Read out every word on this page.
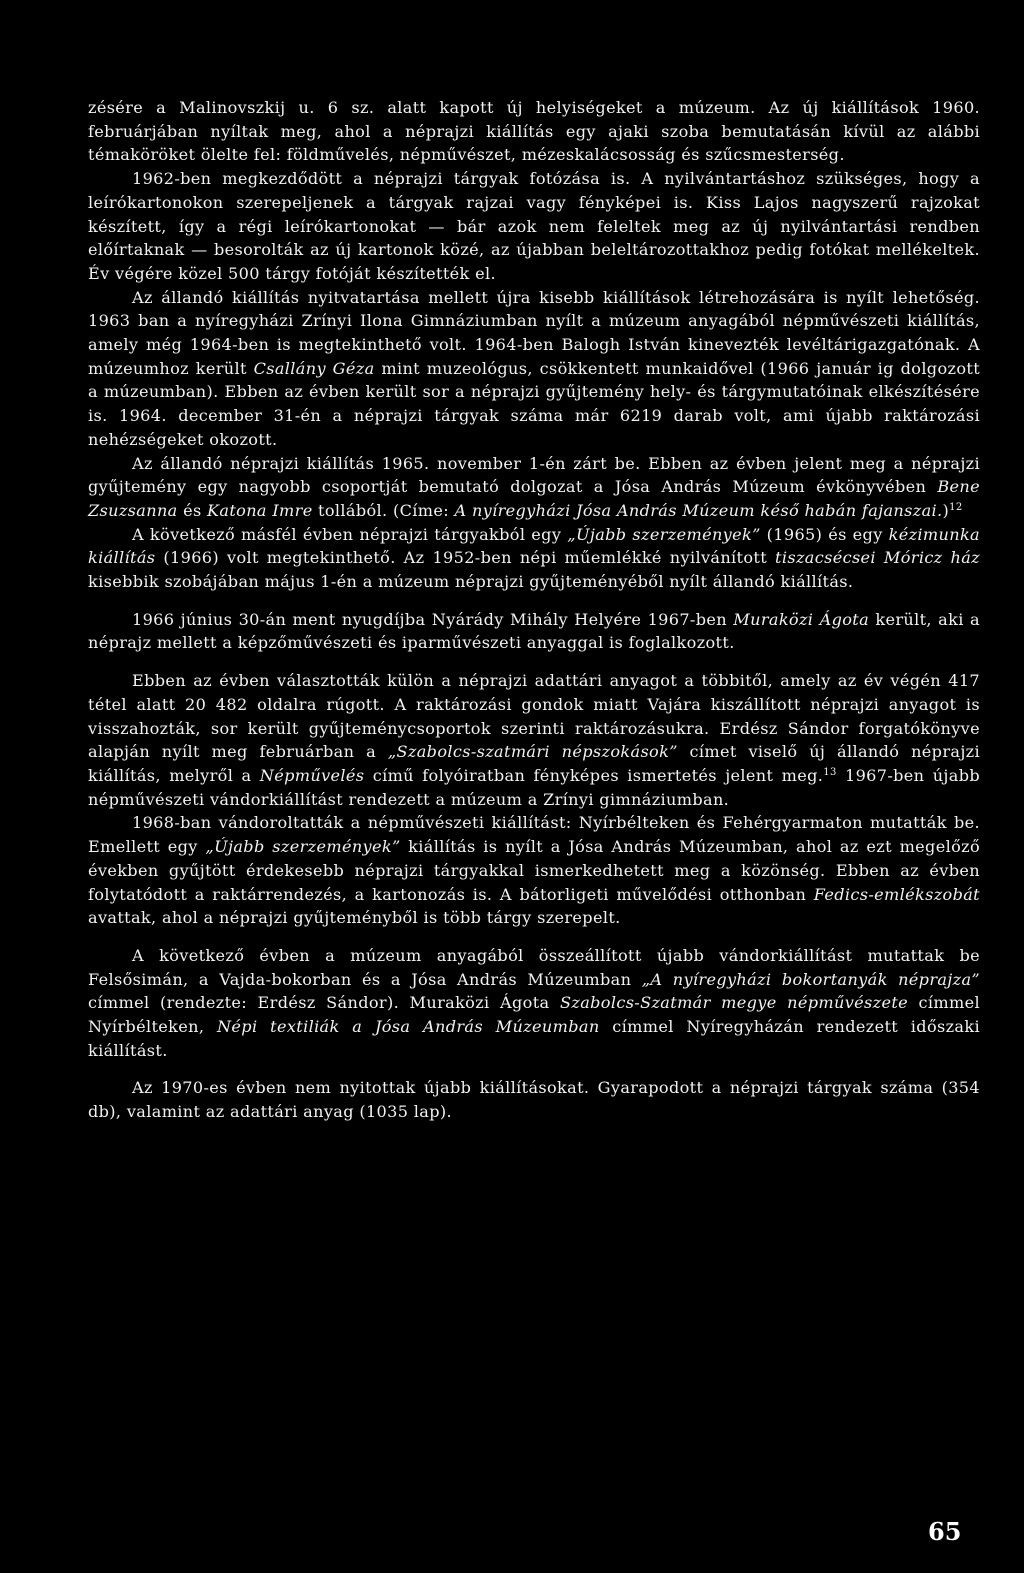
zésére a Malinovszkij u. 6 sz. alatt kapott új helyiségeket a múzeum. Az új kiállítások 1960. februárjában nyíltak meg, ahol a néprajzi kiállítás egy ajaki szoba bemutatásán kívül az alábbi témaköröket ölelte fel: földművelés, népművészet, mézeskalácsosság és szűcsmesterség.

1962-ben megkezdődött a néprajzi tárgyak fotózása is. A nyilvántartáshoz szükséges, hogy a leírókartonokon szerepeljenek a tárgyak rajzai vagy fényképei is. Kiss Lajos nagyszerű rajzokat készített, így a régi leírókartonokat — bár azok nem feleltek meg az új nyilvántartási rendben előírtaknak — besorolták az új kartonok közé, az újabban beleltározottakhoz pedig fotókat mellékeltek. Év végére közel 500 tárgy fotóját készítették el.

Az állandó kiállítás nyitvatartása mellett újra kisebb kiállítások létrehozására is nyílt lehetőség. 1963 ban a nyíregyházi Zrínyi Ilona Gimnáziumban nyílt a múzeum anyagából népművészeti kiállítás, amely még 1964-ben is megtekinthető volt. 1964-ben Balogh István kinevezték levéltárigazgatónak. A múzeumhoz került Csallány Géza mint muzeológus, csökkentett munkaidővel (1966 január ig dolgozott a múzeumban). Ebben az évben került sor a néprajzi gyűjtemény hely- és tárgymutatóinak elkészítésére is. 1964. december 31-én a néprajzi tárgyak száma már 6219 darab volt, ami újabb raktározási nehézségeket okozott.

Az állandó néprajzi kiállítás 1965. november 1-én zárt be. Ebben az évben jelent meg a néprajzi gyűjtemény egy nagyobb csoportját bemutató dolgozat a Jósa András Múzeum évkönyvében Bene Zsuzsanna és Katona Imre tollából. (Címe: A nyíregyházi Jósa András Múzeum késő habán fajanszai.)$^{12}$

A következő másfél évben néprajzi tárgyakból egy „Újabb szerzemények” (1965) és egy kézimunka kiállítás (1966) volt megtekinthető. Az 1952-ben népi műemlékké nyilvánított tiszacsécsei Móricz ház kisebbik szobájában május 1-én a múzeum néprajzi gyűjteményéből nyílt állandó kiállítás.

1966 június 30-án ment nyugdíjba Nyárády Mihály Helyére 1967-ben Muraközi Ágota került, aki a néprajz mellett a képzőművészeti és iparművészeti anyaggal is foglalkozott.

Ebben az évben választották külön a néprajzi adattári anyagot a többitől, amely az év végén 417 tétel alatt 20 482 oldalra rúgott. A raktározási gondok miatt Vajára kiszállított néprajzi anyagot is visszahozták, sor került gyűjteménycsoportok szerinti raktározásukra. Erdész Sándor forgatókönyve alapján nyílt meg februárban a „Szabolcs-szatmári népszokások” címet viselő új állandó néprajzi kiállítás, melyről a Népművelés című folyóiratban fényképes ismertetés jelent meg.$^{13}$ 1967-ben újabb népművészeti vándorkiállítást rendezett a múzeum a Zrínyi gimnáziumban.

1968-ban vándoroltatták a népművészeti kiállítást: Nyírbélteken és Fehérgyarmaton mutatták be. Emellett egy „Újabb szerzemények” kiállítás is nyílt a Jósa András Múzeumban, ahol az ezt megelőző években gyűjtött érdekesebb néprajzi tárgyakkal ismerkedhetett meg a közönség. Ebben az évben folytatódott a raktárrendezés, a kartonozás is. A bátorligeti művelődési otthonban Fedics-emlékszobát avattak, ahol a néprajzi gyűjteményből is több tárgy szerepelt.

A következő évben a múzeum anyagából összeállított újabb vándorkiállítást mutattak be Felsősimán, a Vajda-bokorban és a Jósa András Múzeumban „A nyíregyházi bokortanyák néprajza” címmel (rendezte: Erdész Sándor). Muraközi Ágota Szabolcs-Szatmár megye népművészete címmel Nyírbélteken, Népi textiliák a Jósa András Múzeumban címmel Nyíregyházán rendezett időszaki kiállítást.

Az 1970-es évben nem nyitottak újabb kiállításokat. Gyarapodott a néprajzi tárgyak száma (354 db), valamint az adattári anyag (1035 lap).

65
